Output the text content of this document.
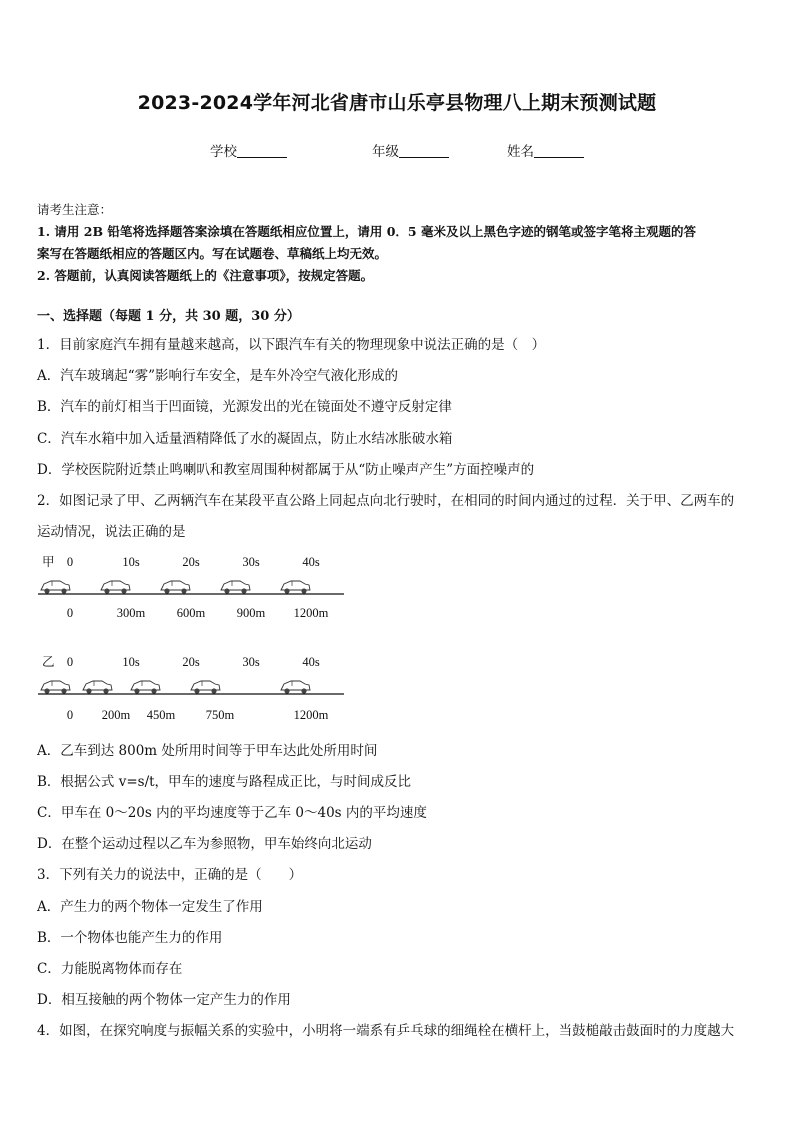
2023-2024学年河北省唐市山乐亭县物理八上期末预测试题
学校	年级	姓名
请考生注意：
1. 请用 2B 铅笔将选择题答案涂填在答题纸相应位置上，请用 0．5 毫米及以上黑色字迹的钢笔或签字笔将主观题的答
案写在答题纸相应的答题区内。写在试题卷、草稿纸上均无效。
2. 答题前，认真阅读答题纸上的《注意事项》，按规定答题。
一、选择题（每题 1 分，共 30 题，30 分）
1．目前家庭汽车拥有量越来越高，以下跟汽车有关的物理现象中说法正确的是（　）
A．汽车玻璃起“雾”影响行车安全，是车外冷空气液化形成的
B．汽车的前灯相当于凹面镜，光源发出的光在镜面处不遵守反射定律
C．汽车水箱中加入适量酒精降低了水的凝固点，防止水结冰胀破水箱
D．学校医院附近禁止鸣喇叭和教室周围种树都属于从“防止噪声产生”方面控噪声的
2．如图记录了甲、乙两辆汽车在某段平直公路上同起点向北行驶时，在相同的时间内通过的过程．关于甲、乙两车的
运动情况，说法正确的是
甲 0	10s	20s	30s	40s
0	300m	600m	900m 1200m
乙 0	10s	20s	30s	40s
0 200m 450m 750m	1200m
A．乙车到达 800m 处所用时间等于甲车达此处所用时间
B．根据公式 v=s/t，甲车的速度与路程成正比，与时间成反比
C．甲车在 0～20s 内的平均速度等于乙车 0～40s 内的平均速度
D．在整个运动过程以乙车为参照物，甲车始终向北运动
3．下列有关力的说法中，正确的是（　　）
A．产生力的两个物体一定发生了作用
B．一个物体也能产生力的作用
C．力能脱离物体而存在
D．相互接触的两个物体一定产生力的作用
4．如图，在探究响度与振幅关系的实验中，小明将一端系有乒乓球的细绳栓在横杆上，当鼓槌敲击鼓面时的力度越大
